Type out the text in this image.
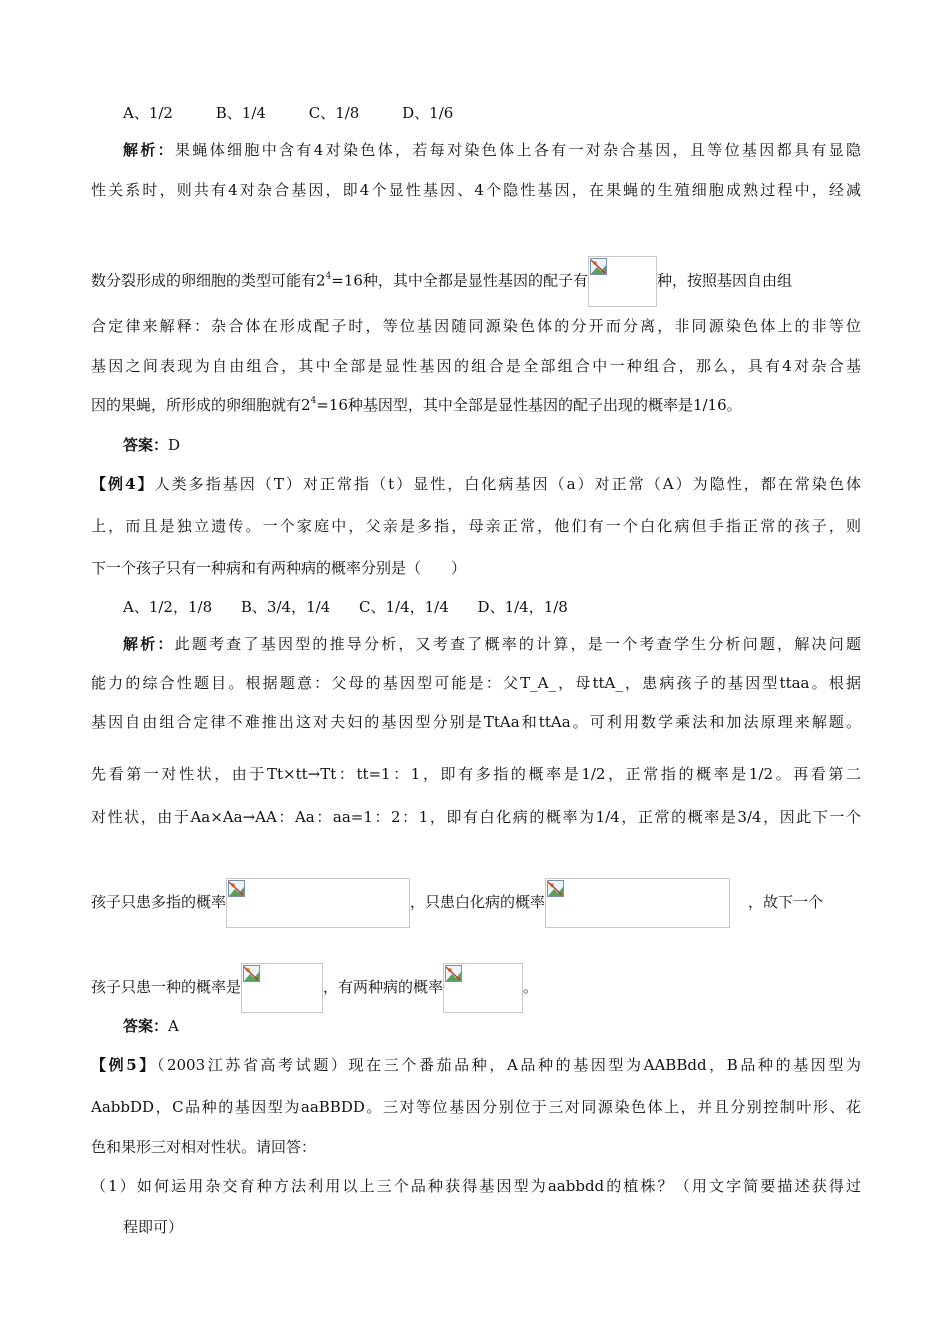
A、1/2	B、1/4	C、1/8	D、1/6
解析：果蝇体细胞中含有4对染色体，若每对染色体上各有一对杂合基因，且等位基因都具有显隐
性关系时，则共有4对杂合基因，即4个显性基因、4个隐性基因，在果蝇的生殖细胞成熟过程中，经减
数分裂形成的卵细胞的类型可能有$2^4=16$种，其中全都是显性基因的配子有	种，按照基因自由组
合定律来解释：杂合体在形成配子时，等位基因随同源染色体的分开而分离，非同源染色体上的非等位
基因之间表现为自由组合，其中全部是显性基因的组合是全部组合中一种组合，那么，具有4对杂合基
因的果蝇，所形成的卵细胞就有$2^4=16$种基因型，其中全部是显性基因的配子出现的概率是1/16。
答案：D
【例4】人类多指基因（T）对正常指（t）显性，白化病基因（a）对正常（A）为隐性，都在常染色体
上，而且是独立遗传。一个家庭中，父亲是多指，母亲正常，他们有一个白化病但手指正常的孩子，则
下一个孩子只有一种病和有两种病的概率分别是（　　）
A、1/2，1/8 B、3/4，1/4 C、1/4，1/4 D、1/4，1/8
解析：此题考查了基因型的推导分析，又考查了概率的计算，是一个考查学生分析问题，解决问题
能力的综合性题目。根据题意：父母的基因型可能是：父T_A_，母ttA_，患病孩子的基因型ttaa。根据
基因自由组合定律不难推出这对夫妇的基因型分别是TtAa和ttAa。可利用数学乘法和加法原理来解题。
先看第一对性状，由于Tt×tt→Tt：tt=1：1，即有多指的概率是1/2，正常指的概率是1/2。再看第二
对性状，由于Aa×Aa→AA：Aa：aa=1：2：1，即有白化病的概率为1/4，正常的概率是3/4，因此下一个
孩子只患多指的概率	，只患白化病的概率	，故下一个
孩子只患一种的概率是	，有两种病的概率	。
答案：A
【例5】（2003江苏省高考试题）现在三个番茄品种，A品种的基因型为AABBdd，B品种的基因型为
AabbDD，C品种的基因型为aaBBDD。三对等位基因分别位于三对同源染色体上，并且分别控制叶形、花
色和果形三对相对性状。请回答：
（1）如何运用杂交育种方法利用以上三个品种获得基因型为aabbdd的植株？（用文字简要描述获得过
程即可）
